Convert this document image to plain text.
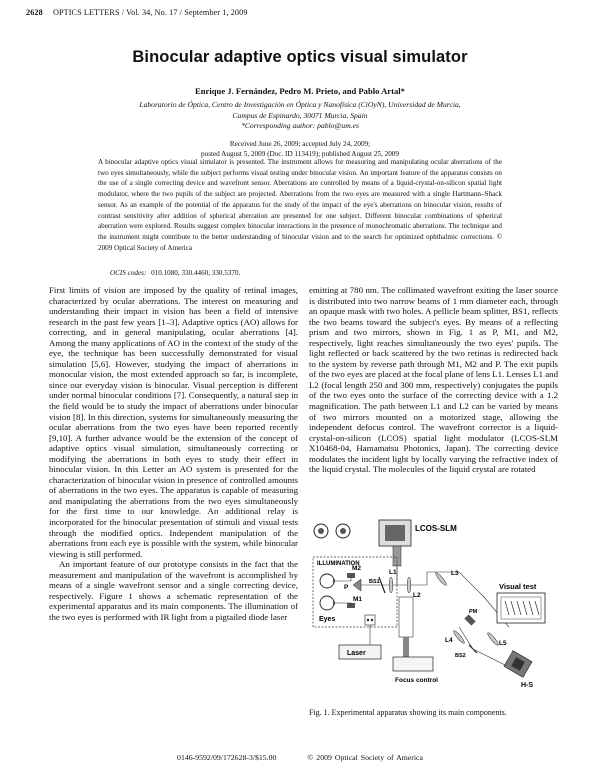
2628 OPTICS LETTERS / Vol. 34, No. 17 / September 1, 2009
Binocular adaptive optics visual simulator
Enrique J. Fernández, Pedro M. Prieto, and Pablo Artal*
Laboratorio de Óptica, Centro de Investigación en Óptica y Nanofísica (CiOyN), Universidad de Murcia,
Campus de Espinardo, 30071 Murcia, Spain
*Corresponding author: pablo@um.es
Received June 26, 2009; accepted July 24, 2009;
posted August 5, 2009 (Doc. ID 113419); published August 25, 2009
A binocular adaptive optics visual simulator is presented. The instrument allows for measuring and manipulating ocular aberrations of the two eyes simultaneously, while the subject performs visual testing under binocular vision. An important feature of the apparatus consists on the use of a single correcting device and wavefront sensor. Aberrations are controlled by means of a liquid-crystal-on-silicon spatial light modulator, where the two pupils of the subject are projected. Aberrations from the two eyes are measured with a single Hartmann–Shack sensor. As an example of the potential of the apparatus for the study of the impact of the eye's aberrations on binocular vision, results of contrast sensitivity after addition of spherical aberration are presented for one subject. Different binocular combinations of spherical aberration were explored. Results suggest complex binocular interactions in the presence of monochromatic aberrations. The technique and the instrument might contribute to the better understanding of binocular vision and to the search for optimized ophthalmic corrections. © 2009 Optical Society of America
OCIS codes: 010.1080, 330.4460, 330.5370.

First limits of vision are imposed by the quality of retinal images, characterized by ocular aberrations. The interest on measuring and understanding their impact in vision has been a field of intensive research in the past few years [1–3]. Adaptive optics (AO) allows for correcting, and in general manipulating, ocular aberrations [4]. Among the many applications of AO in the context of the study of the eye, the technique has been successfully demonstrated for visual simulation [5,6]. However, studying the impact of aberrations in monocular vision, the most extended approach so far, is incomplete, since our everyday vision is binocular. Visual perception is different under normal binocular conditions [7]. Consequently, a natural step in the field would be to study the impact of aberrations under binocular vision [8]. In this direction, systems for simultaneously measuring the ocular aberrations from the two eyes have been reported recently [9,10]. A further advance would be the extension of the concept of adaptive optics visual simulation, simultaneously correcting or modifying the aberrations in both eyes to study their effect in binocular vision. In this Letter an AO system is presented for the characterization of binocular vision in presence of controlled amounts of aberrations in the two eyes. The apparatus is capable of measuring and manipulating the aberrations from the two eyes simultaneously for the first time to our knowledge. An additional relay is incorporated for the binocular presentation of stimuli and visual tests through the modified optics. Independent manipulation of the aberrations from each eye is possible with the system, while binocular viewing is still performed.

An important feature of our prototype consists in the fact that the measurement and manipulation of the wavefront is accomplished by means of a single wavefront sensor and a single correcting device, respectively. Figure 1 shows a schematic representation of the experimental apparatus and its main components. The illumination of the two eyes is performed with IR light from a pigtailed diode laser

emitting at 780 nm. The collimated wavefront exiting the laser source is distributed into two narrow beams of 1 mm diameter each, through an opaque mask with two holes. A pellicle beam splitter, BS1, reflects the two beams toward the subject's eyes. By means of a reflecting prism and two mirrors, shown in Fig. 1 as P, M1, and M2, respectively, light reaches simultaneously the two eyes' pupils. The light reflected or back scattered by the two retinas is redirected back to the system by reverse path through M1, M2 and P. The exit pupils of the two eyes are placed at the focal plane of lens L1. Lenses L1 and L2 (focal length 250 and 300 mm, respectively) conjugates the pupils of the two eyes onto the surface of the correcting device with a 1.2 magnification. The path between L1 and L2 can be varied by means of two mirrors mounted on a motorized stage, allowing the independent defocus control. The wavefront corrector is a liquid-crystal-on-silicon (LCOS) spatial light modulator (LCOS-SLM X10468-04, Hamamatsu Photonics, Japan). The correcting device modulates the incident light by locally varying the refractive index of the liquid crystal. The molecules of the liquid crystal are rotated

LCOS-SLM
ILLUMINATION
Eyes
M2
P
M1
BS1
L1
L2
Focus control
L3
Visual test
PM
L4	L5
BS2
H-S
Laser
Fig. 1. Experimental apparatus showing its main components.
0146-9592/09/172628-3/$15.00	© 2009 Optical Society of America
